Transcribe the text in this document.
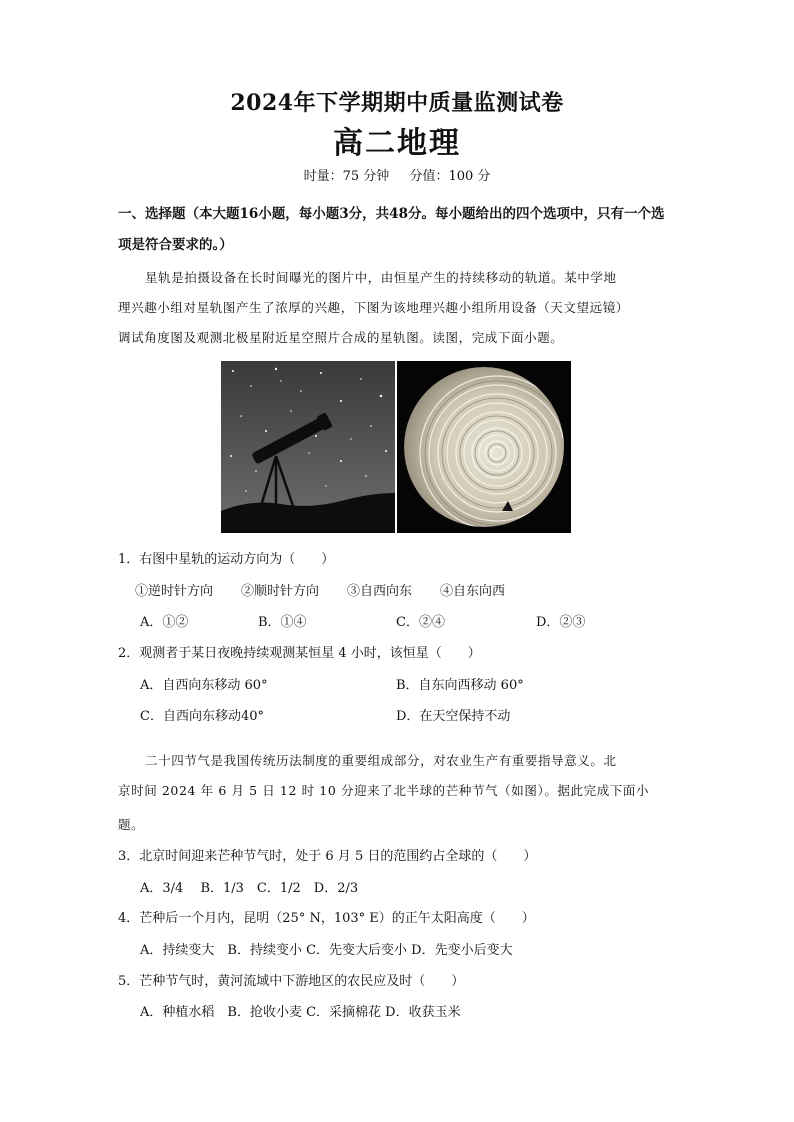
2024年下学期期中质量监测试卷
高二地理
时量：75 分钟 分值：100 分
一、选择题（本大题16小题，每小题3分，共48分。每小题给出的四个选项中，只有一个选
项是符合要求的。）
星轨是拍摄设备在长时间曝光的图片中，由恒星产生的持续移动的轨道。某中学地
理兴趣小组对星轨图产生了浓厚的兴趣，下图为该地理兴趣小组所用设备（天文望远镜）
调试角度图及观测北极星附近星空照片合成的星轨图。读图，完成下面小题。
1．右图中星轨的运动方向为（　　）
①逆时针方向 ②顺时针方向 ③自西向东 ④自东向西
A．①②	B．①④	C．②④	D．②③
2．观测者于某日夜晚持续观测某恒星 4 小时，该恒星（　　）
A．自西向东移动 60°	B．自东向西移动 60°
C．自西向东移动40°	D．在天空保持不动
二十四节气是我国传统历法制度的重要组成部分，对农业生产有重要指导意义。北
京时间 2024 年 6 月 5 日 12 时 10 分迎来了北半球的芒种节气（如图）。据此完成下面小
题。
3．北京时间迎来芒种节气时，处于 6 月 5 日的范围约占全球的（　　）
A．3/4　 B．1/3　C．1/2　D．2/3
4．芒种后一个月内，昆明（25° N，103° E）的正午太阳高度（　　）
A．持续变大　B．持续变小 C．先变大后变小 D．先变小后变大
5．芒种节气时，黄河流域中下游地区的农民应及时（　　）
A．种植水稻　B．抢收小麦 C．采摘棉花 D．收获玉米
